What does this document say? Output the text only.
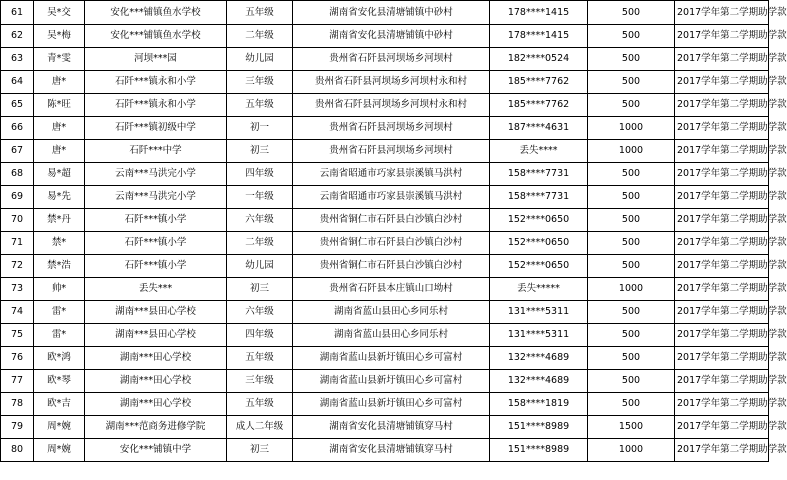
61	吴*交	安化***铺镇鱼水学校	五年级	湖南省安化县清塘铺镇中砂村	178****1415	500	2017学年第二学期助学款
62	吴*梅	安化***铺镇鱼水学校	二年级	湖南省安化县清塘铺镇中砂村	178****1415	500	2017学年第二学期助学款
63	青*雯	河坝***园	幼儿园	贵州省石阡县河坝场乡河坝村	182****0524	500	2017学年第二学期助学款
64	唐*	石阡***镇永和小学	三年级	贵州省石阡县河坝场乡河坝村永和村	185****7762	500	2017学年第二学期助学款
65	陈*旺	石阡***镇永和小学	五年级	贵州省石阡县河坝场乡河坝村永和村	185****7762	500	2017学年第二学期助学款
66	唐*	石阡***镇初级中学	初一	贵州省石阡县河坝场乡河坝村	187****4631	1000	2017学年第二学期助学款
67	唐*	石阡***中学	初三	贵州省石阡县河坝场乡河坝村	丢失****	1000	2017学年第二学期助学款
68	易*超	云南***马洪完小学	四年级	云南省昭通市巧家县崇溪镇马洪村	158****7731	500	2017学年第二学期助学款
69	易*先	云南***马洪完小学	一年级	云南省昭通市巧家县崇溪镇马洪村	158****7731	500	2017学年第二学期助学款
70	禁*丹	石阡***镇小学	六年级	贵州省铜仁市石阡县白沙镇白沙村	152****0650	500	2017学年第二学期助学款
71	禁*	石阡***镇小学	二年级	贵州省铜仁市石阡县白沙镇白沙村	152****0650	500	2017学年第二学期助学款
72	禁*浩	石阡***镇小学	幼儿园	贵州省铜仁市石阡县白沙镇白沙村	152****0650	500	2017学年第二学期助学款
73	帅*	丢失***	初三	贵州省石阡县本庄镇山口坳村	丢失*****	1000	2017学年第二学期助学款
74	雷*	湖南***县田心学校	六年级	湖南省蓝山县田心乡同乐村	131****5311	500	2017学年第二学期助学款
75	雷*	湖南***县田心学校	四年级	湖南省蓝山县田心乡同乐村	131****5311	500	2017学年第二学期助学款
76	欧*鸿	湖南***田心学校	五年级	湖南省蓝山县新圩镇田心乡可富村	132****4689	500	2017学年第二学期助学款
77	欧*琴	湖南***田心学校	三年级	湖南省蓝山县新圩镇田心乡可富村	132****4689	500	2017学年第二学期助学款
78	欧*吉	湖南***田心学校	五年级	湖南省蓝山县新圩镇田心乡可富村	158****1819	500	2017学年第二学期助学款
79	周*婉	湖南***范商务进修学院	成人二年级	湖南省安化县清塘铺镇穿马村	151****8989	1500	2017学年第二学期助学款
80	周*婉	安化***铺镇中学	初三	湖南省安化县清塘铺镇穿马村	151****8989	1000	2017学年第二学期助学款
